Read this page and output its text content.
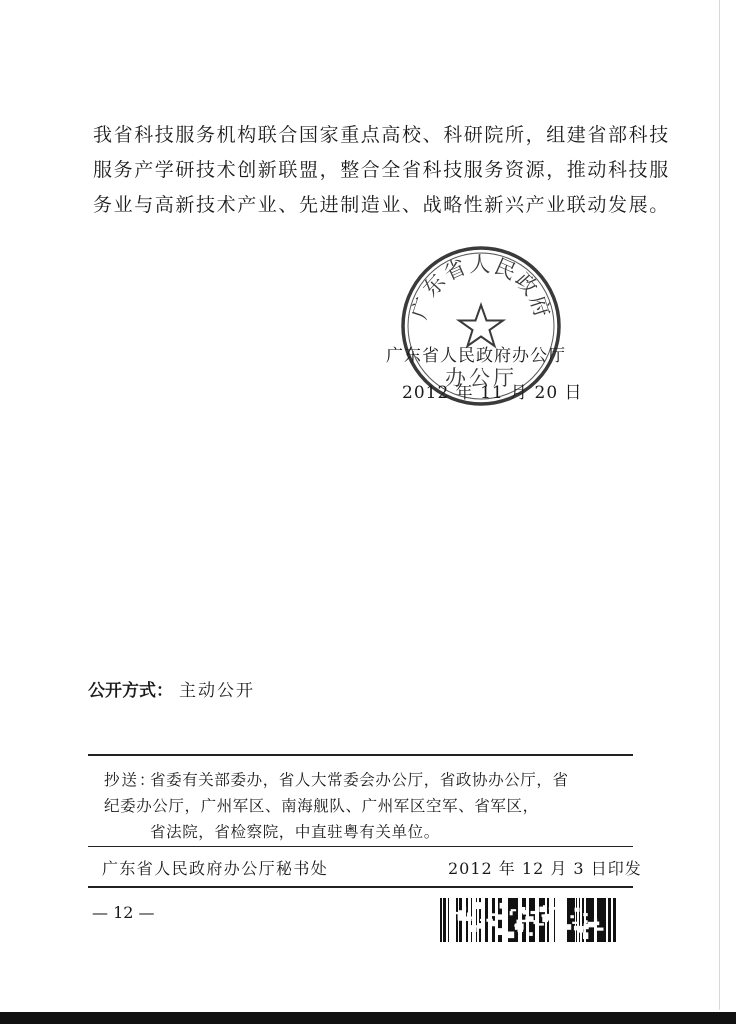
我省科技服务机构联合国家重点高校、科研院所，组建省部科技

服务产学研技术创新联盟，整合全省科技服务资源，推动科技服

务业与高新技术产业、先进制造业、战略性新兴产业联动发展。

广东省人民政府
办公厅
广东省人民政府办公厅
2012 年 11 月 20 日
公开方式： 主动公开
抄送：
省委有关部委办，省人大常委会办公厅，省政协办公厅，省
纪委办公厅，广州军区、南海舰队、广州军区空军、省军区，
省法院，省检察院，中直驻粤有关单位。
广东省人民政府办公厅秘书处	2012 年 12 月 3 日印发
— 12 —
